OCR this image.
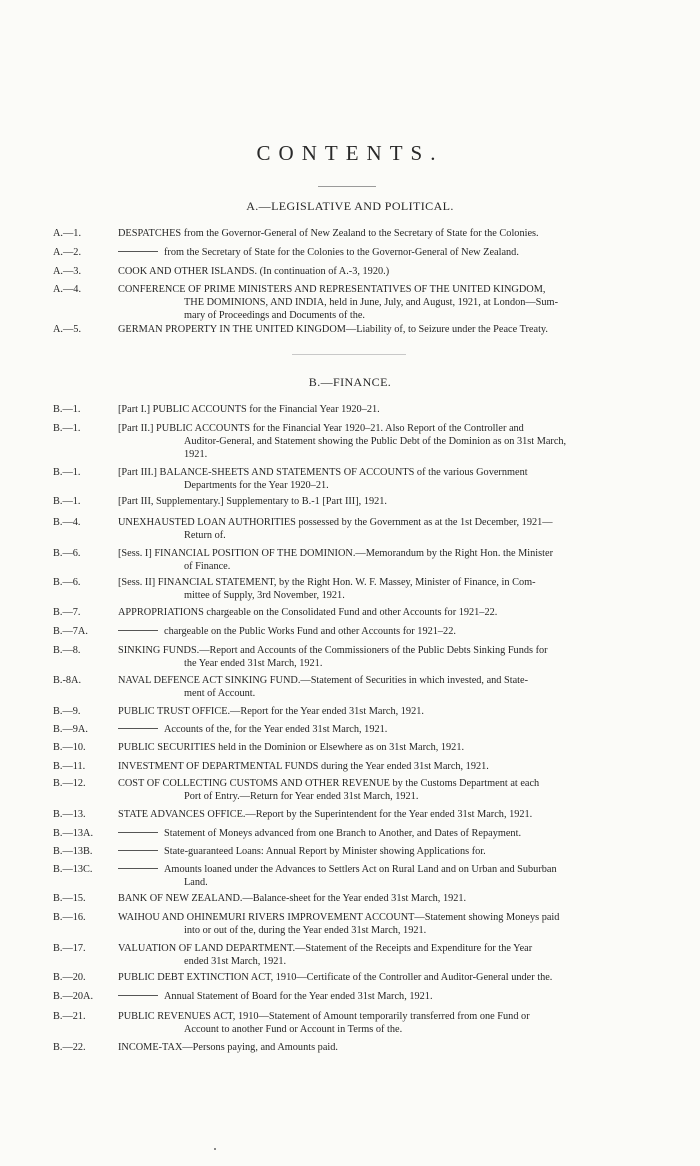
CONTENTS.
A.—LEGISLATIVE AND POLITICAL.
A.—1.	DESPATCHES from the Governor-General of New Zealand to the Secretary of State for the Colonies.
A.—2.	from the Secretary of State for the Colonies to the Governor-General of New Zealand.
A.—3.	COOK AND OTHER ISLANDS. (In continuation of A.-3, 1920.)
A.—4.	CONFERENCE OF PRIME MINISTERS AND REPRESENTATIVES OF THE UNITED KINGDOM,
THE DOMINIONS, AND INDIA, held in June, July, and August, 1921, at London—Sum-
mary of Proceedings and Documents of the.
A.—5.	GERMAN PROPERTY IN THE UNITED KINGDOM—Liability of, to Seizure under the Peace Treaty.
B.—FINANCE.
B.—1.	[Part I.] PUBLIC ACCOUNTS for the Financial Year 1920–21.
B.—1.	[Part II.] PUBLIC ACCOUNTS for the Financial Year 1920–21. Also Report of the Controller and
Auditor-General, and Statement showing the Public Debt of the Dominion as on 31st March,
1921.
B.—1.	[Part III.] BALANCE-SHEETS AND STATEMENTS OF ACCOUNTS of the various Government
Departments for the Year 1920–21.
B.—1.	[Part III, Supplementary.] Supplementary to B.-1 [Part III], 1921.
B.—4.	UNEXHAUSTED LOAN AUTHORITIES possessed by the Government as at the 1st December, 1921—
Return of.
B.—6.	[Sess. I] FINANCIAL POSITION OF THE DOMINION.—Memorandum by the Right Hon. the Minister
of Finance.
B.—6.	[Sess. II] FINANCIAL STATEMENT, by the Right Hon. W. F. Massey, Minister of Finance, in Com-
mittee of Supply, 3rd November, 1921.
B.—7.	APPROPRIATIONS chargeable on the Consolidated Fund and other Accounts for 1921–22.
B.—7A.	chargeable on the Public Works Fund and other Accounts for 1921–22.
B.—8.	SINKING FUNDS.—Report and Accounts of the Commissioners of the Public Debts Sinking Funds for
the Year ended 31st March, 1921.
B.-8A.	NAVAL DEFENCE ACT SINKING FUND.—Statement of Securities in which invested, and State-
ment of Account.
B.—9.	PUBLIC TRUST OFFICE.—Report for the Year ended 31st March, 1921.
B.—9A.	Accounts of the, for the Year ended 31st March, 1921.
B.—10.	PUBLIC SECURITIES held in the Dominion or Elsewhere as on 31st March, 1921.
B.—11.	INVESTMENT OF DEPARTMENTAL FUNDS during the Year ended 31st March, 1921.
B.—12.	COST OF COLLECTING CUSTOMS AND OTHER REVENUE by the Customs Department at each
Port of Entry.—Return for Year ended 31st March, 1921.
B.—13.	STATE ADVANCES OFFICE.—Report by the Superintendent for the Year ended 31st March, 1921.
B.—13A.	Statement of Moneys advanced from one Branch to Another, and Dates of Repayment.
B.—13B.	State-guaranteed Loans: Annual Report by Minister showing Applications for.
B.—13C.	Amounts loaned under the Advances to Settlers Act on Rural Land and on Urban and Suburban
Land.
B.—15.	BANK OF NEW ZEALAND.—Balance-sheet for the Year ended 31st March, 1921.
B.—16.	WAIHOU AND OHINEMURI RIVERS IMPROVEMENT ACCOUNT—Statement showing Moneys paid
into or out of the, during the Year ended 31st March, 1921.
B.—17.	VALUATION OF LAND DEPARTMENT.—Statement of the Receipts and Expenditure for the Year
ended 31st March, 1921.
B.—20.	PUBLIC DEBT EXTINCTION ACT, 1910—Certificate of the Controller and Auditor-General under the.
B.—20A.	Annual Statement of Board for the Year ended 31st March, 1921.
B.—21.	PUBLIC REVENUES ACT, 1910—Statement of Amount temporarily transferred from one Fund or
Account to another Fund or Account in Terms of the.
B.—22.	INCOME-TAX—Persons paying, and Amounts paid.
